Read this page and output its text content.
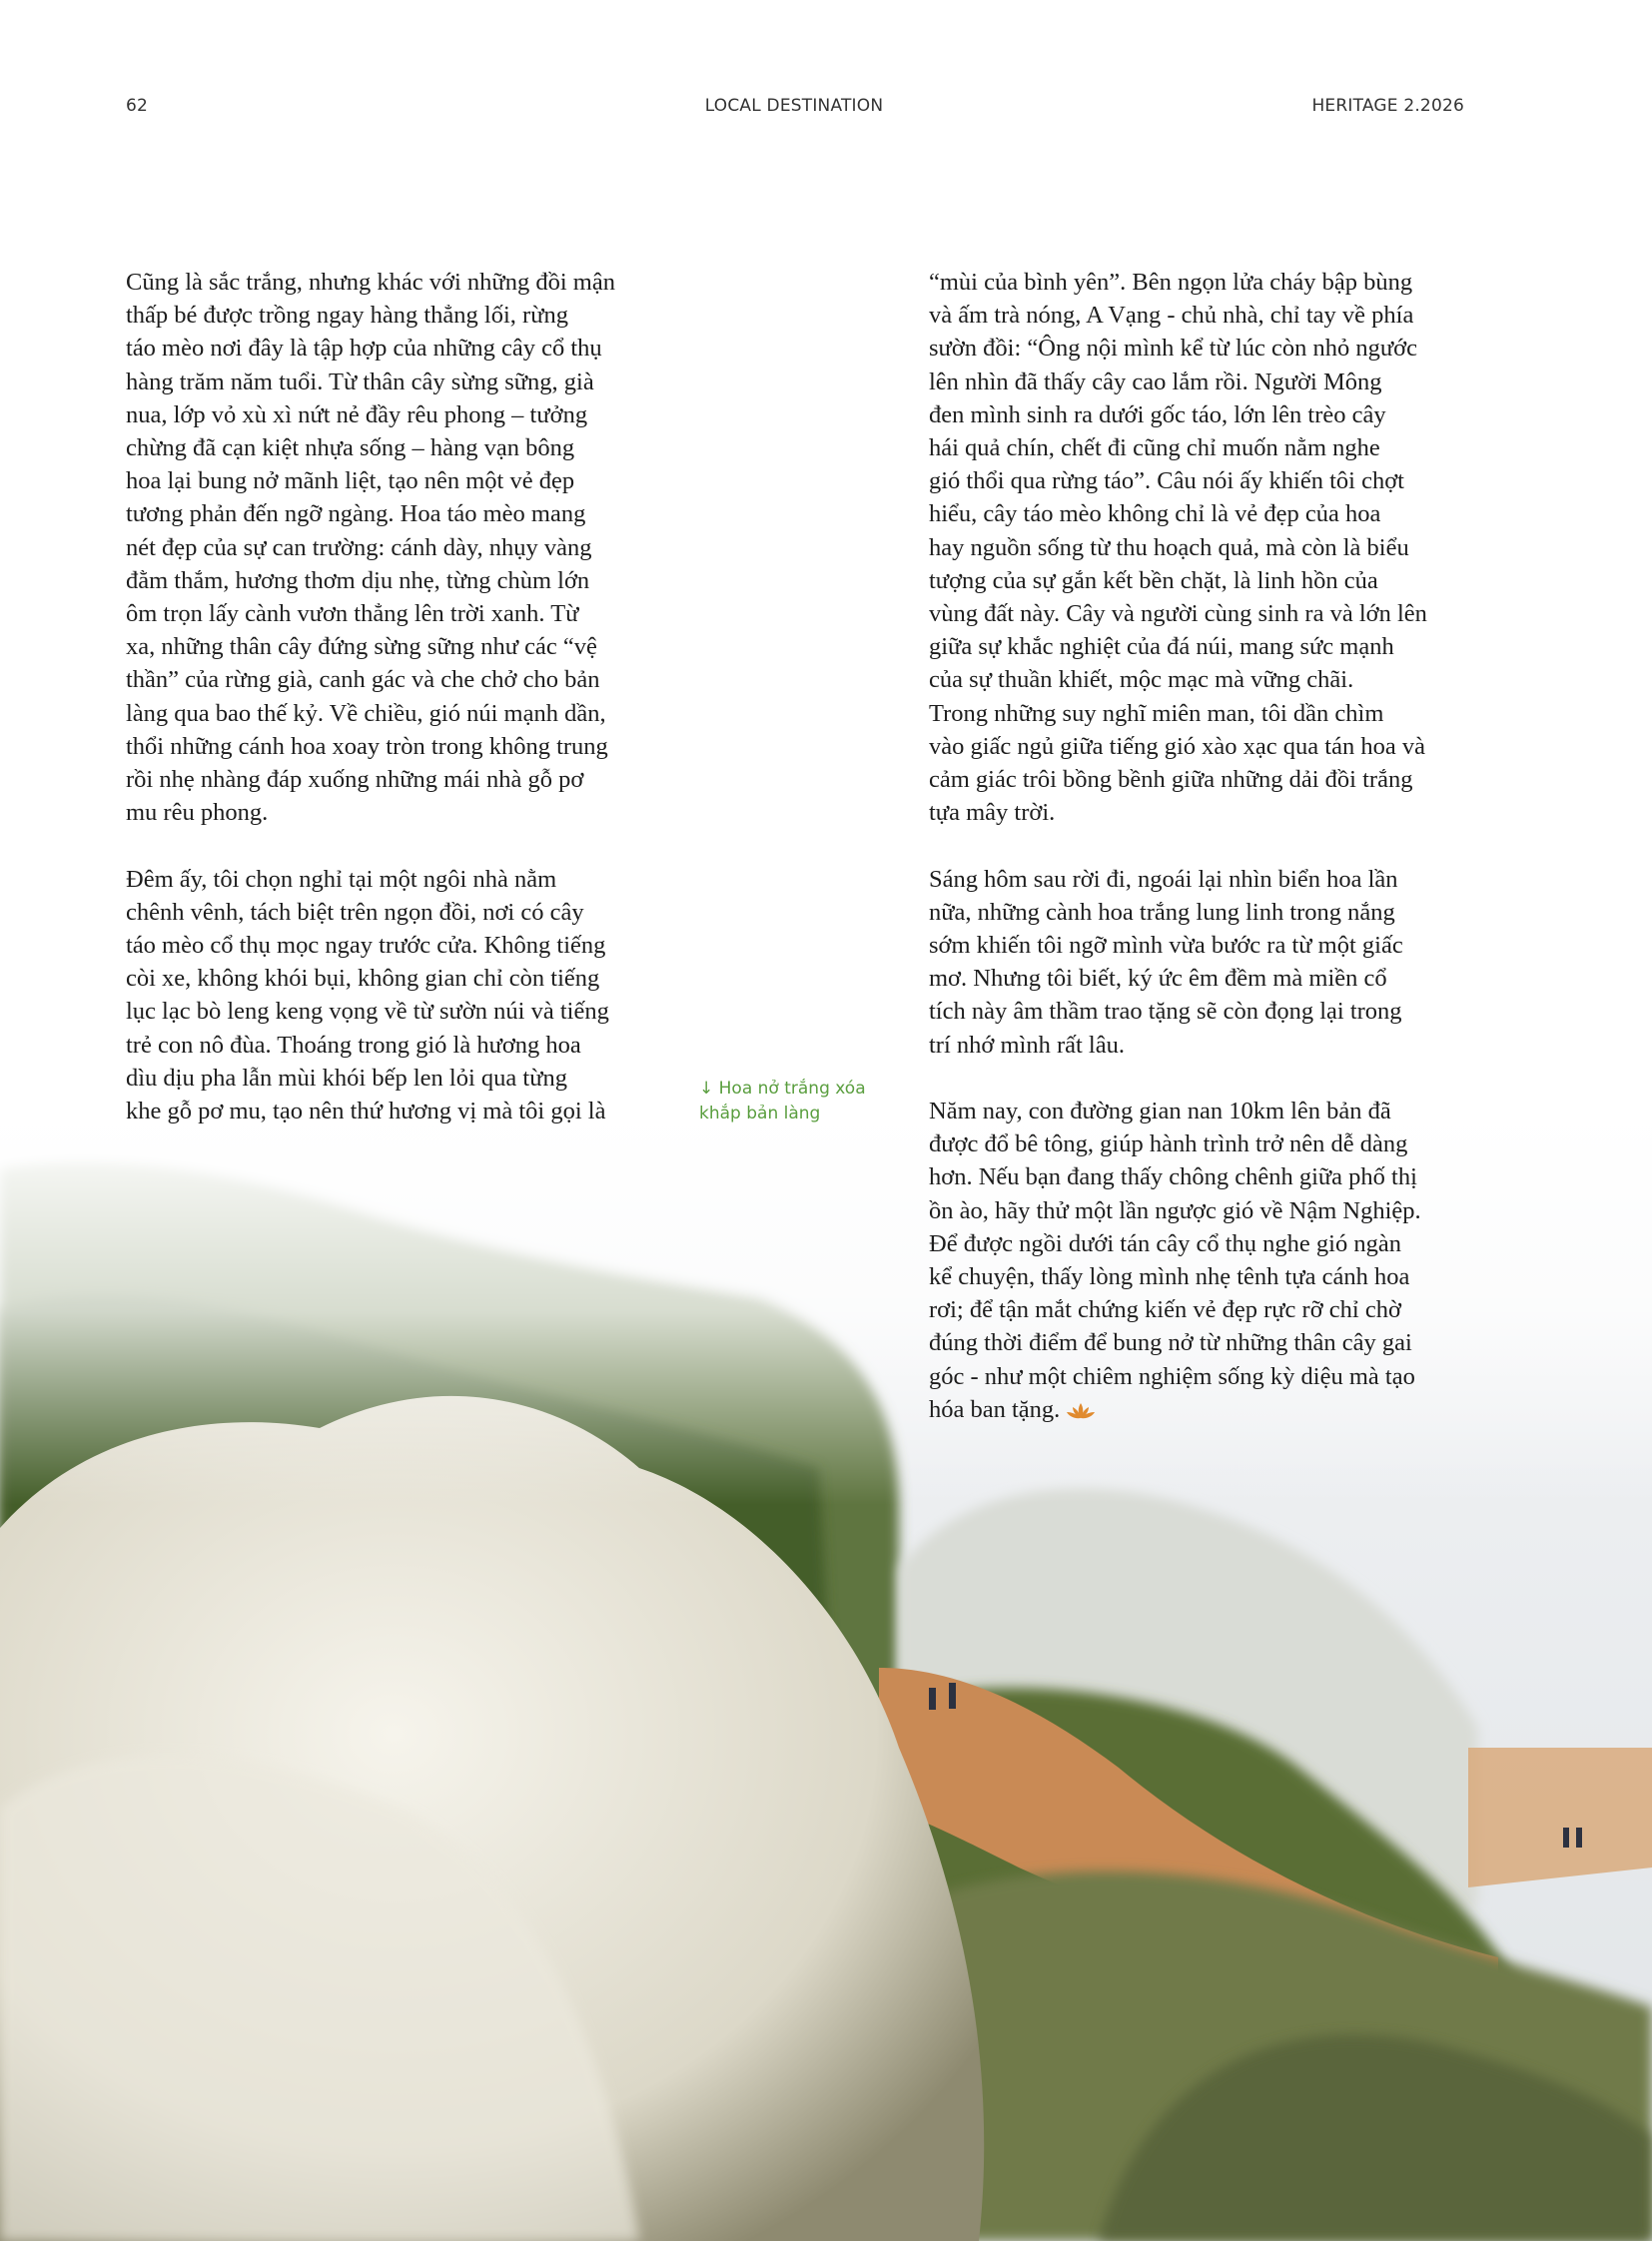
62	LOCAL DESTINATION	HERITAGE 2.2026

Cũng là sắc trắng, nhưng khác với những đồi mận
thấp bé được trồng ngay hàng thẳng lối, rừng
táo mèo nơi đây là tập hợp của những cây cổ thụ
hàng trăm năm tuổi. Từ thân cây sừng sững, già
nua, lớp vỏ xù xì nứt nẻ đầy rêu phong – tưởng
chừng đã cạn kiệt nhựa sống – hàng vạn bông
hoa lại bung nở mãnh liệt, tạo nên một vẻ đẹp
tương phản đến ngỡ ngàng. Hoa táo mèo mang
nét đẹp của sự can trường: cánh dày, nhụy vàng
đằm thắm, hương thơm dịu nhẹ, từng chùm lớn
ôm trọn lấy cành vươn thẳng lên trời xanh. Từ
xa, những thân cây đứng sừng sững như các “vệ
thần” của rừng già, canh gác và che chở cho bản
làng qua bao thế kỷ. Về chiều, gió núi mạnh dần,
thổi những cánh hoa xoay tròn trong không trung
rồi nhẹ nhàng đáp xuống những mái nhà gỗ pơ
mu rêu phong.

Đêm ấy, tôi chọn nghỉ tại một ngôi nhà nằm
chênh vênh, tách biệt trên ngọn đồi, nơi có cây
táo mèo cổ thụ mọc ngay trước cửa. Không tiếng
còi xe, không khói bụi, không gian chỉ còn tiếng
lục lạc bò leng keng vọng về từ sườn núi và tiếng
trẻ con nô đùa. Thoáng trong gió là hương hoa
dìu dịu pha lẫn mùi khói bếp len lỏi qua từng
khe gỗ pơ mu, tạo nên thứ hương vị mà tôi gọi là

“mùi của bình yên”. Bên ngọn lửa cháy bập bùng
và ấm trà nóng, A Vạng - chủ nhà, chỉ tay về phía
sườn đồi: “Ông nội mình kể từ lúc còn nhỏ ngước
lên nhìn đã thấy cây cao lắm rồi. Người Mông
đen mình sinh ra dưới gốc táo, lớn lên trèo cây
hái quả chín, chết đi cũng chỉ muốn nằm nghe
gió thổi qua rừng táo”. Câu nói ấy khiến tôi chợt
hiểu, cây táo mèo không chỉ là vẻ đẹp của hoa
hay nguồn sống từ thu hoạch quả, mà còn là biểu
tượng của sự gắn kết bền chặt, là linh hồn của
vùng đất này. Cây và người cùng sinh ra và lớn lên
giữa sự khắc nghiệt của đá núi, mang sức mạnh
của sự thuần khiết, mộc mạc mà vững chãi.
Trong những suy nghĩ miên man, tôi dần chìm
vào giấc ngủ giữa tiếng gió xào xạc qua tán hoa và
cảm giác trôi bồng bềnh giữa những dải đồi trắng
tựa mây trời.

Sáng hôm sau rời đi, ngoái lại nhìn biển hoa lần
nữa, những cành hoa trắng lung linh trong nắng
sớm khiến tôi ngỡ mình vừa bước ra từ một giấc
mơ. Nhưng tôi biết, ký ức êm đềm mà miền cổ
tích này âm thầm trao tặng sẽ còn đọng lại trong
trí nhớ mình rất lâu.

Năm nay, con đường gian nan 10km lên bản đã
được đổ bê tông, giúp hành trình trở nên dễ dàng
hơn. Nếu bạn đang thấy chông chênh giữa phố thị
ồn ào, hãy thử một lần ngược gió về Nậm Nghiệp.
Để được ngồi dưới tán cây cổ thụ nghe gió ngàn
kể chuyện, thấy lòng mình nhẹ tênh tựa cánh hoa
rơi; để tận mắt chứng kiến vẻ đẹp rực rỡ chỉ chờ
đúng thời điểm để bung nở từ những thân cây gai
góc - như một chiêm nghiệm sống kỳ diệu mà tạo
hóa ban tặng.

↓ Hoa nở trắng xóa
khắp bản làng
